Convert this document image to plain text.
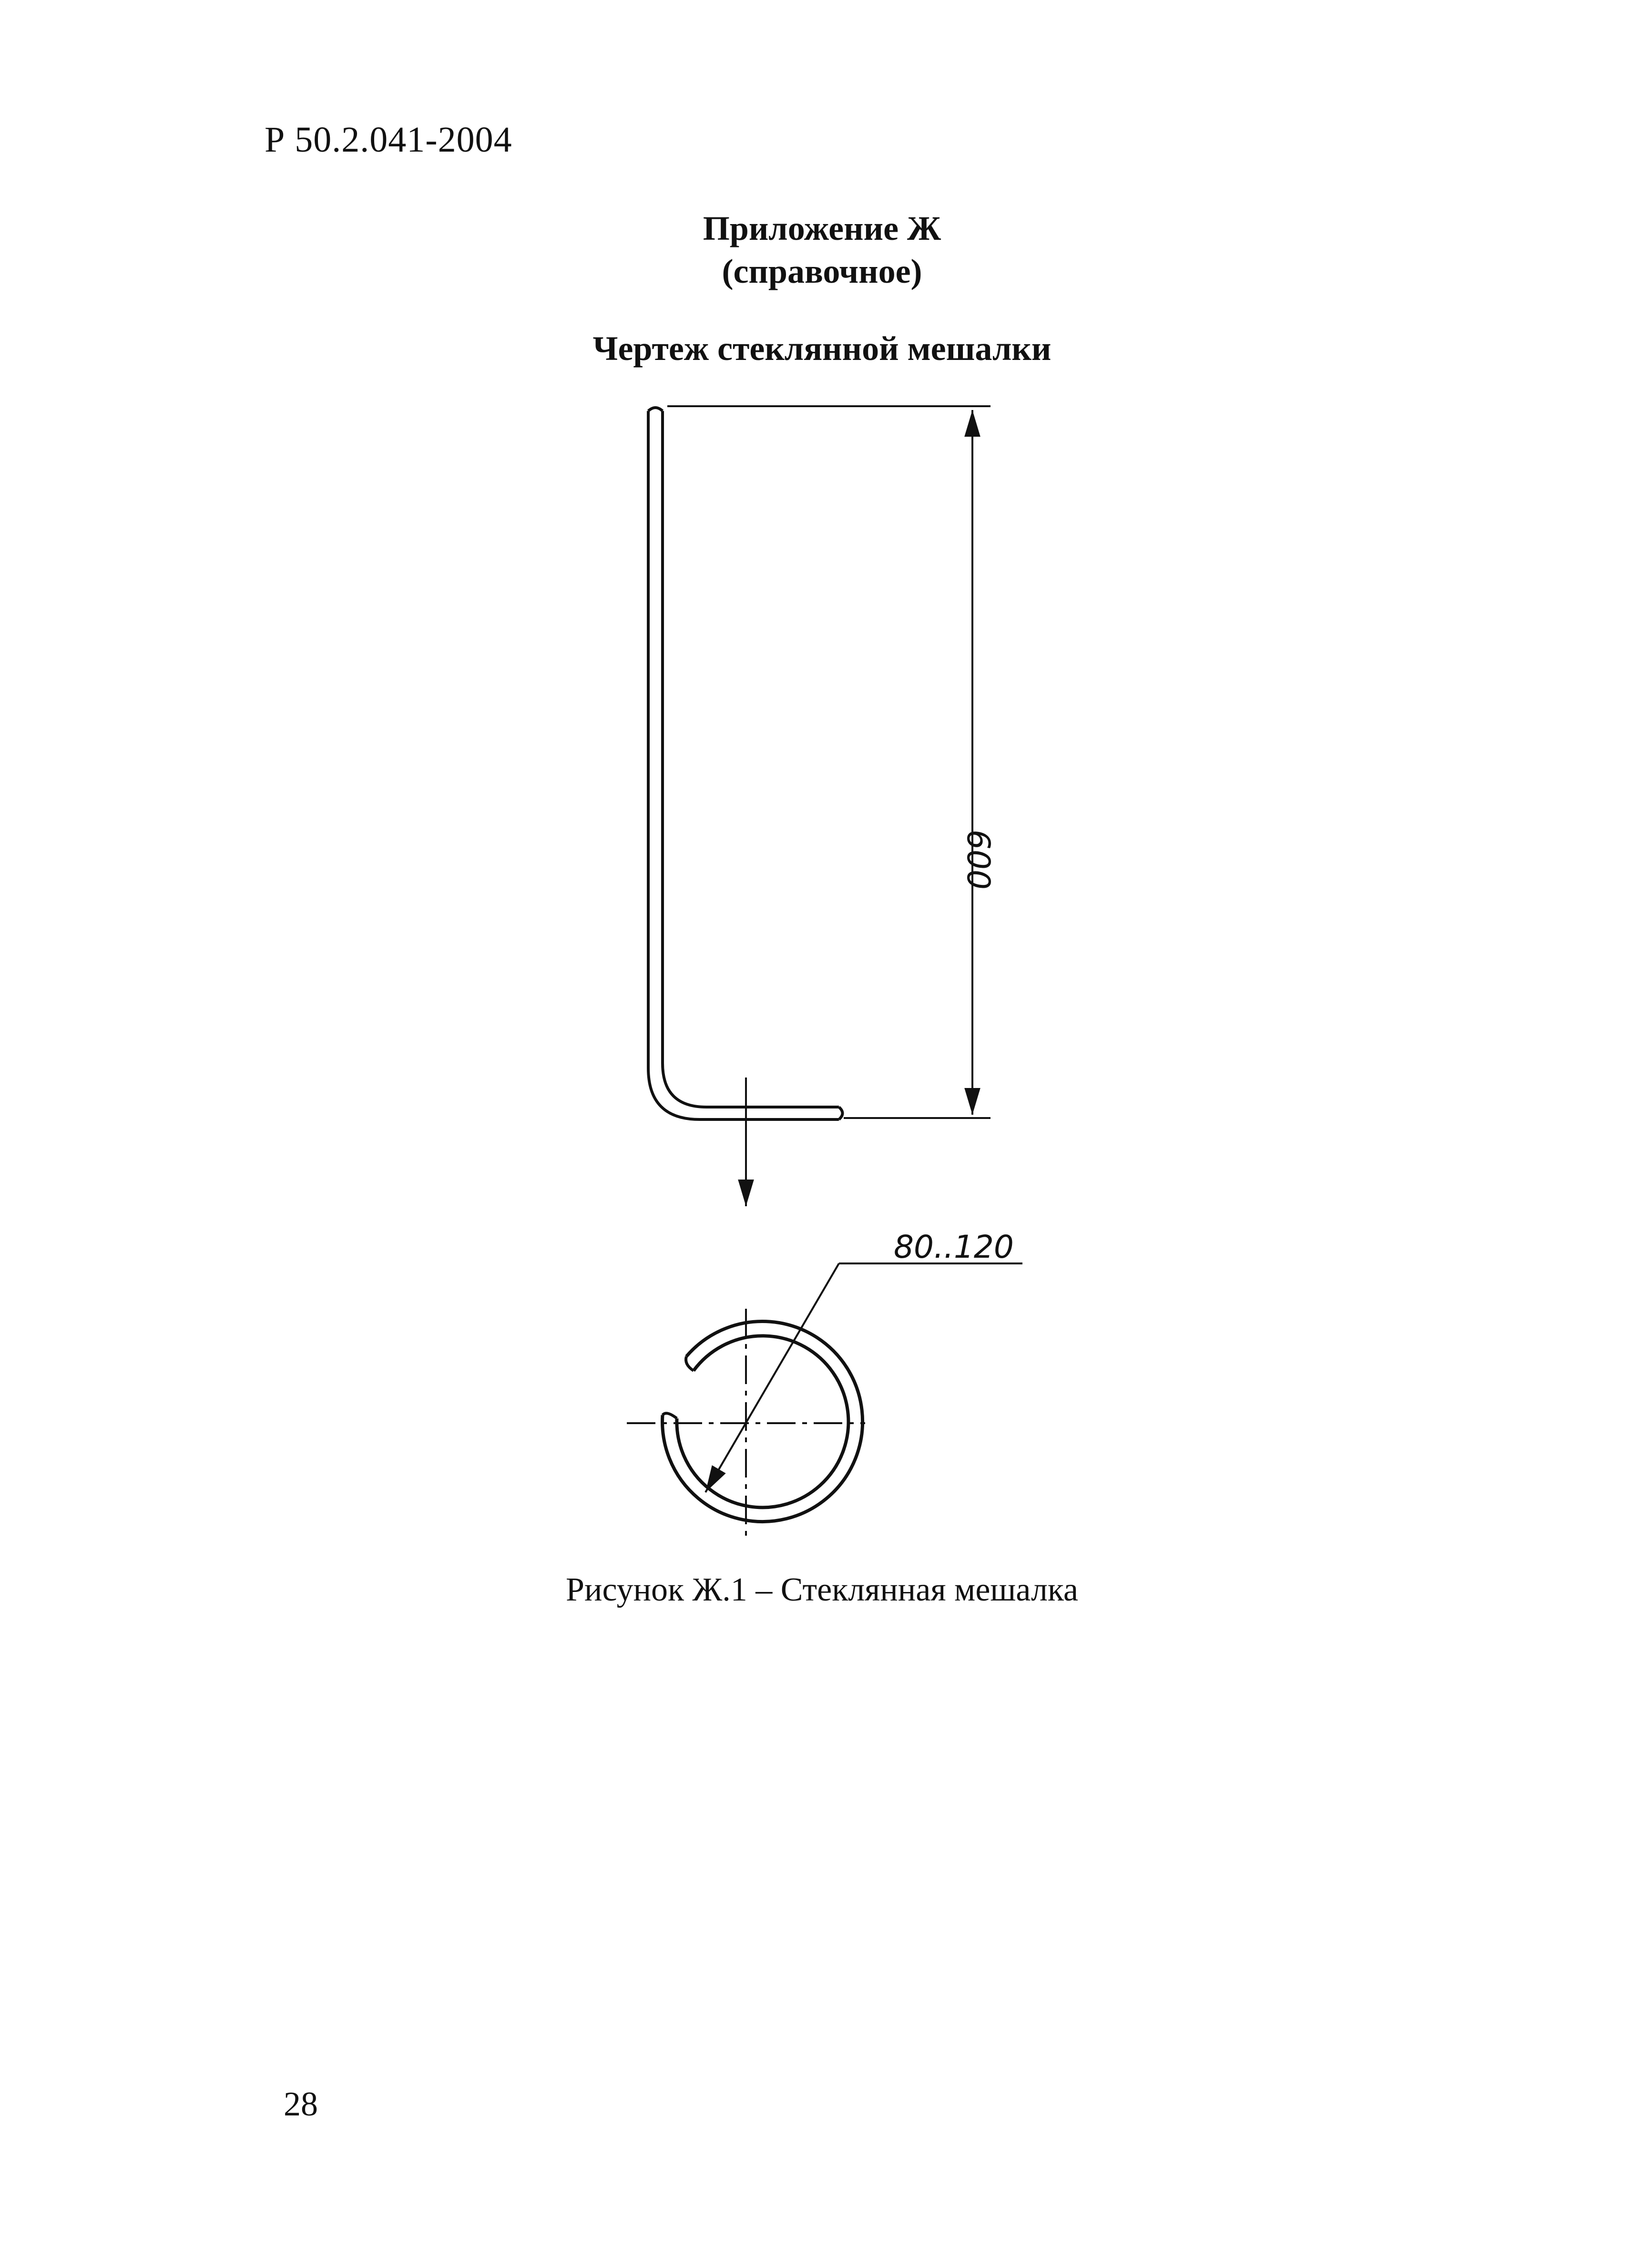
Р 50.2.041-2004
Приложение Ж
(справочное)
Чертеж стеклянной мешалки
600
80..120
Рисунок Ж.1 – Стеклянная мешалка
28
